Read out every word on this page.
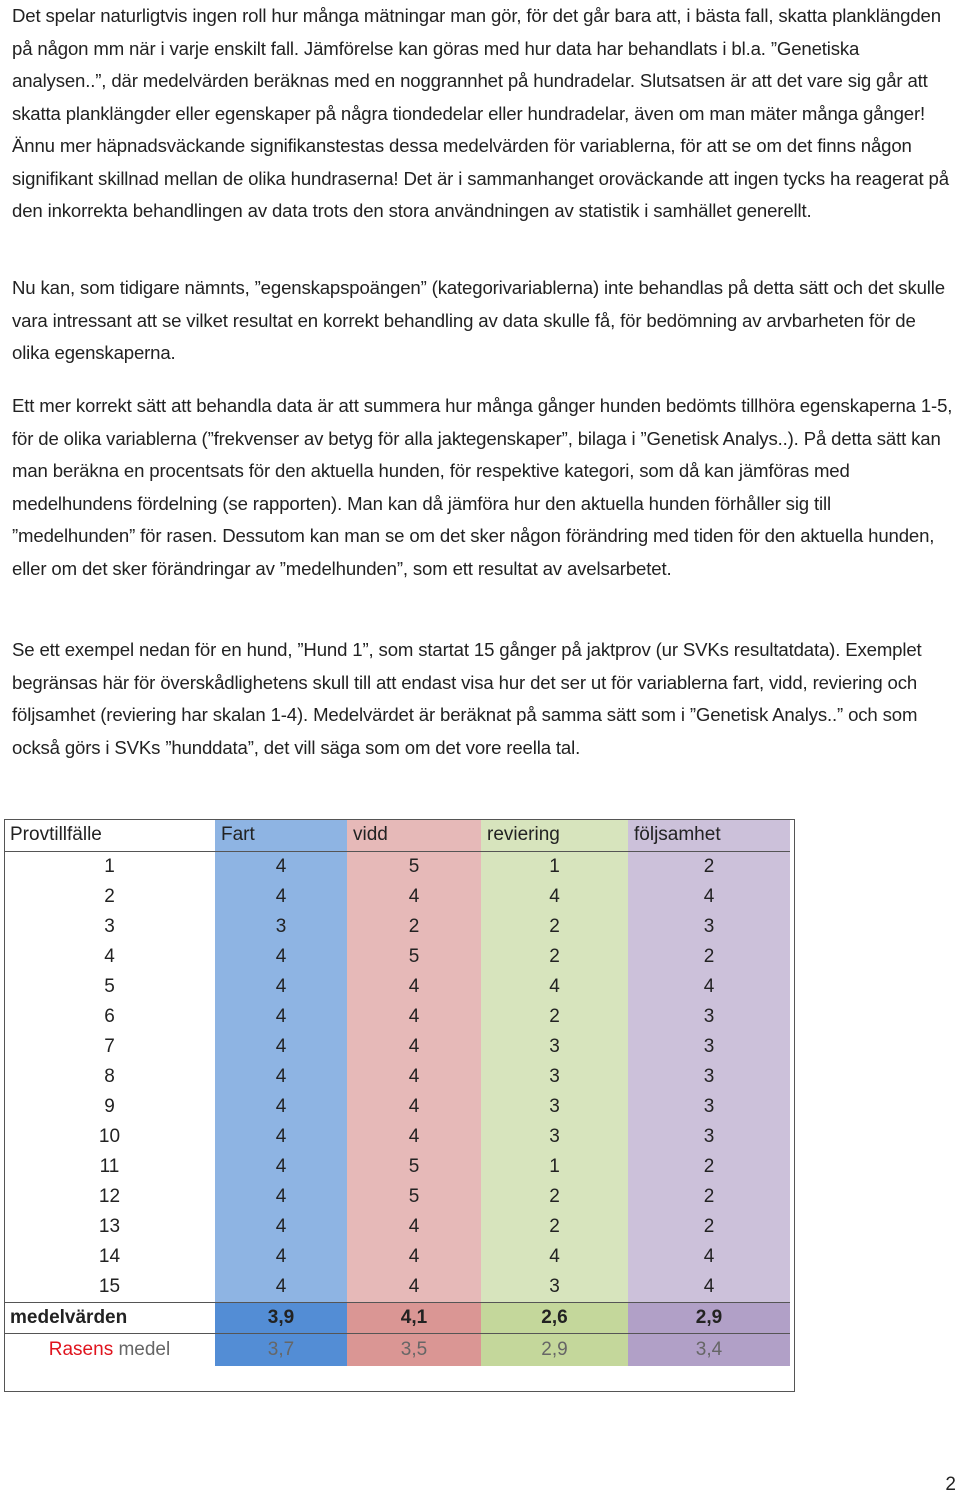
Det spelar naturligtvis ingen roll hur många mätningar man gör, för det går bara att, i bästa fall, skatta planklängden på någon mm när i varje enskilt fall. Jämförelse kan göras med hur data har behandlats i bl.a. ”Genetiska analysen..”, där medelvärden beräknas med en noggrannhet på hundradelar. Slutsatsen är att det vare sig går att skatta planklängder eller egenskaper på några tiondedelar eller hundradelar, även om man mäter många gånger! Ännu mer häpnadsväckande signifikanstestas dessa medelvärden för variablerna, för att se om det finns någon signifikant skillnad mellan de olika hundraserna! Det är i sammanhanget oroväckande att ingen tycks ha reagerat på den inkorrekta behandlingen av data trots den stora användningen av statistik i samhället generellt.

Nu kan, som tidigare nämnts, ”egenskapspoängen” (kategorivariablerna) inte behandlas på detta sätt och det skulle vara intressant att se vilket resultat en korrekt behandling av data skulle få, för bedömning av arvbarheten för de olika egenskaperna.

Ett mer korrekt sätt att behandla data är att summera hur många gånger hunden bedömts tillhöra egenskaperna 1-5, för de olika variablerna (”frekvenser av betyg för alla jaktegenskaper”, bilaga i ”Genetisk Analys..). På detta sätt kan man beräkna en procentsats för den aktuella hunden, för respektive kategori, som då kan jämföras med medelhundens fördelning (se rapporten). Man kan då jämföra hur den aktuella hunden förhåller sig till ”medelhunden” för rasen. Dessutom kan man se om det sker någon förändring med tiden för den aktuella hunden, eller om det sker förändringar av ”medelhunden”, som ett resultat av avelsarbetet.

Se ett exempel nedan för en hund, ”Hund 1”, som startat 15 gånger på jaktprov (ur SVKs resultatdata). Exemplet begränsas här för överskådlighetens skull till att endast visa hur det ser ut för variablerna fart, vidd, reviering och följsamhet (reviering har skalan 1-4). Medelvärdet är beräknat på samma sätt som i ”Genetisk Analys..” och som också görs i SVKs ”hunddata”, det vill säga som om det vore reella tal.

Provtillfälle	Fart	vidd	reviering	följsamhet
1	4	5	1	2
2	4	4	4	4
3	3	2	2	3
4	4	5	2	2
5	4	4	4	4
6	4	4	2	3
7	4	4	3	3
8	4	4	3	3
9	4	4	3	3
10	4	4	3	3
11	4	5	1	2
12	4	5	2	2
13	4	4	2	2
14	4	4	4	4
15	4	4	3	4
medelvärden	3,9	4,1	2,6	2,9
Rasens medel	3,7	3,5	2,9	3,4

2
